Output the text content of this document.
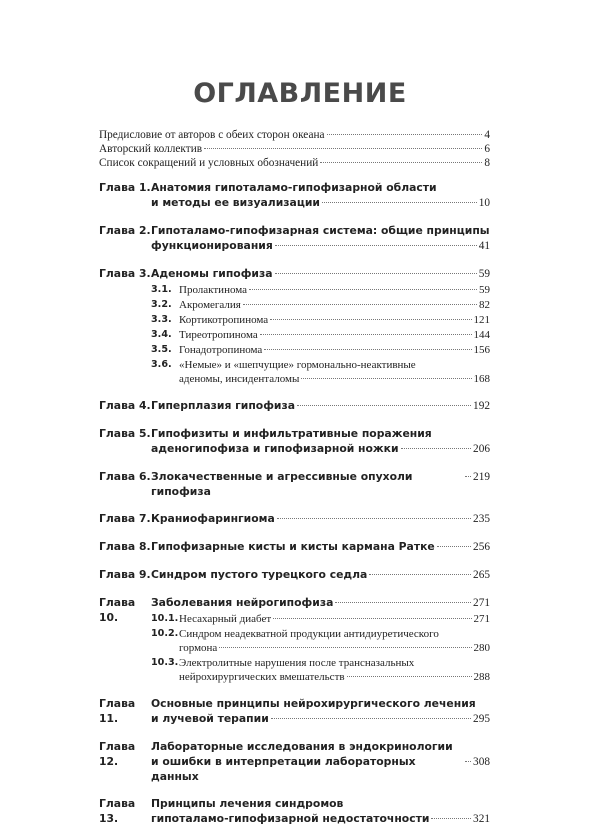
ОГЛАВЛЕНИЕ
Предисловие от авторов с обеих сторон океана	4
Авторский коллектив	6
Список сокращений и условных обозначений	8
Глава 1. Анатомия гипоталамо-гипофизарной области
и методы ее визуализации	10
Глава 2. Гипоталамо-гипофизарная система: общие принципы
функционирования	41
Глава 3. Аденомы гипофиза	59
3.1. Пролактинома	59
3.2. Акромегалия	82
3.3. Кортикотропинома	121
3.4. Тиреотропинома	144
3.5. Гонадотропинома	156
3.6. «Немые» и «шепчущие» гормонально-неактивные
аденомы, инсиденталомы	168
Глава 4. Гиперплазия гипофиза	192
Глава 5. Гипофизиты и инфильтративные поражения
аденогипофиза и гипофизарной ножки	206
Глава 6. Злокачественные и агрессивные опухоли гипофиза
219
Глава 7. Краниофарингиома	235
Глава 8. Гипофизарные кисты и кисты кармана Ратке	256
Глава 9. Синдром пустого турецкого седла	265
Глава 10.
Заболевания нейрогипофиза	271
10.1. Несахарный диабет	271
10.2. Синдром неадекватной продукции антидиуретического
гормона	280
10.3. Электролитные нарушения после трансназальных
нейрохирургических вмешательств	288
Глава 11.
Основные принципы нейрохирургического лечения
и лучевой терапии	295
Глава 12.
Лабораторные исследования в эндокринологии
и ошибки в интерпретации лабораторных данных
308
Глава 13.
Принципы лечения синдромов
гипоталамо-гипофизарной недостаточности	321
